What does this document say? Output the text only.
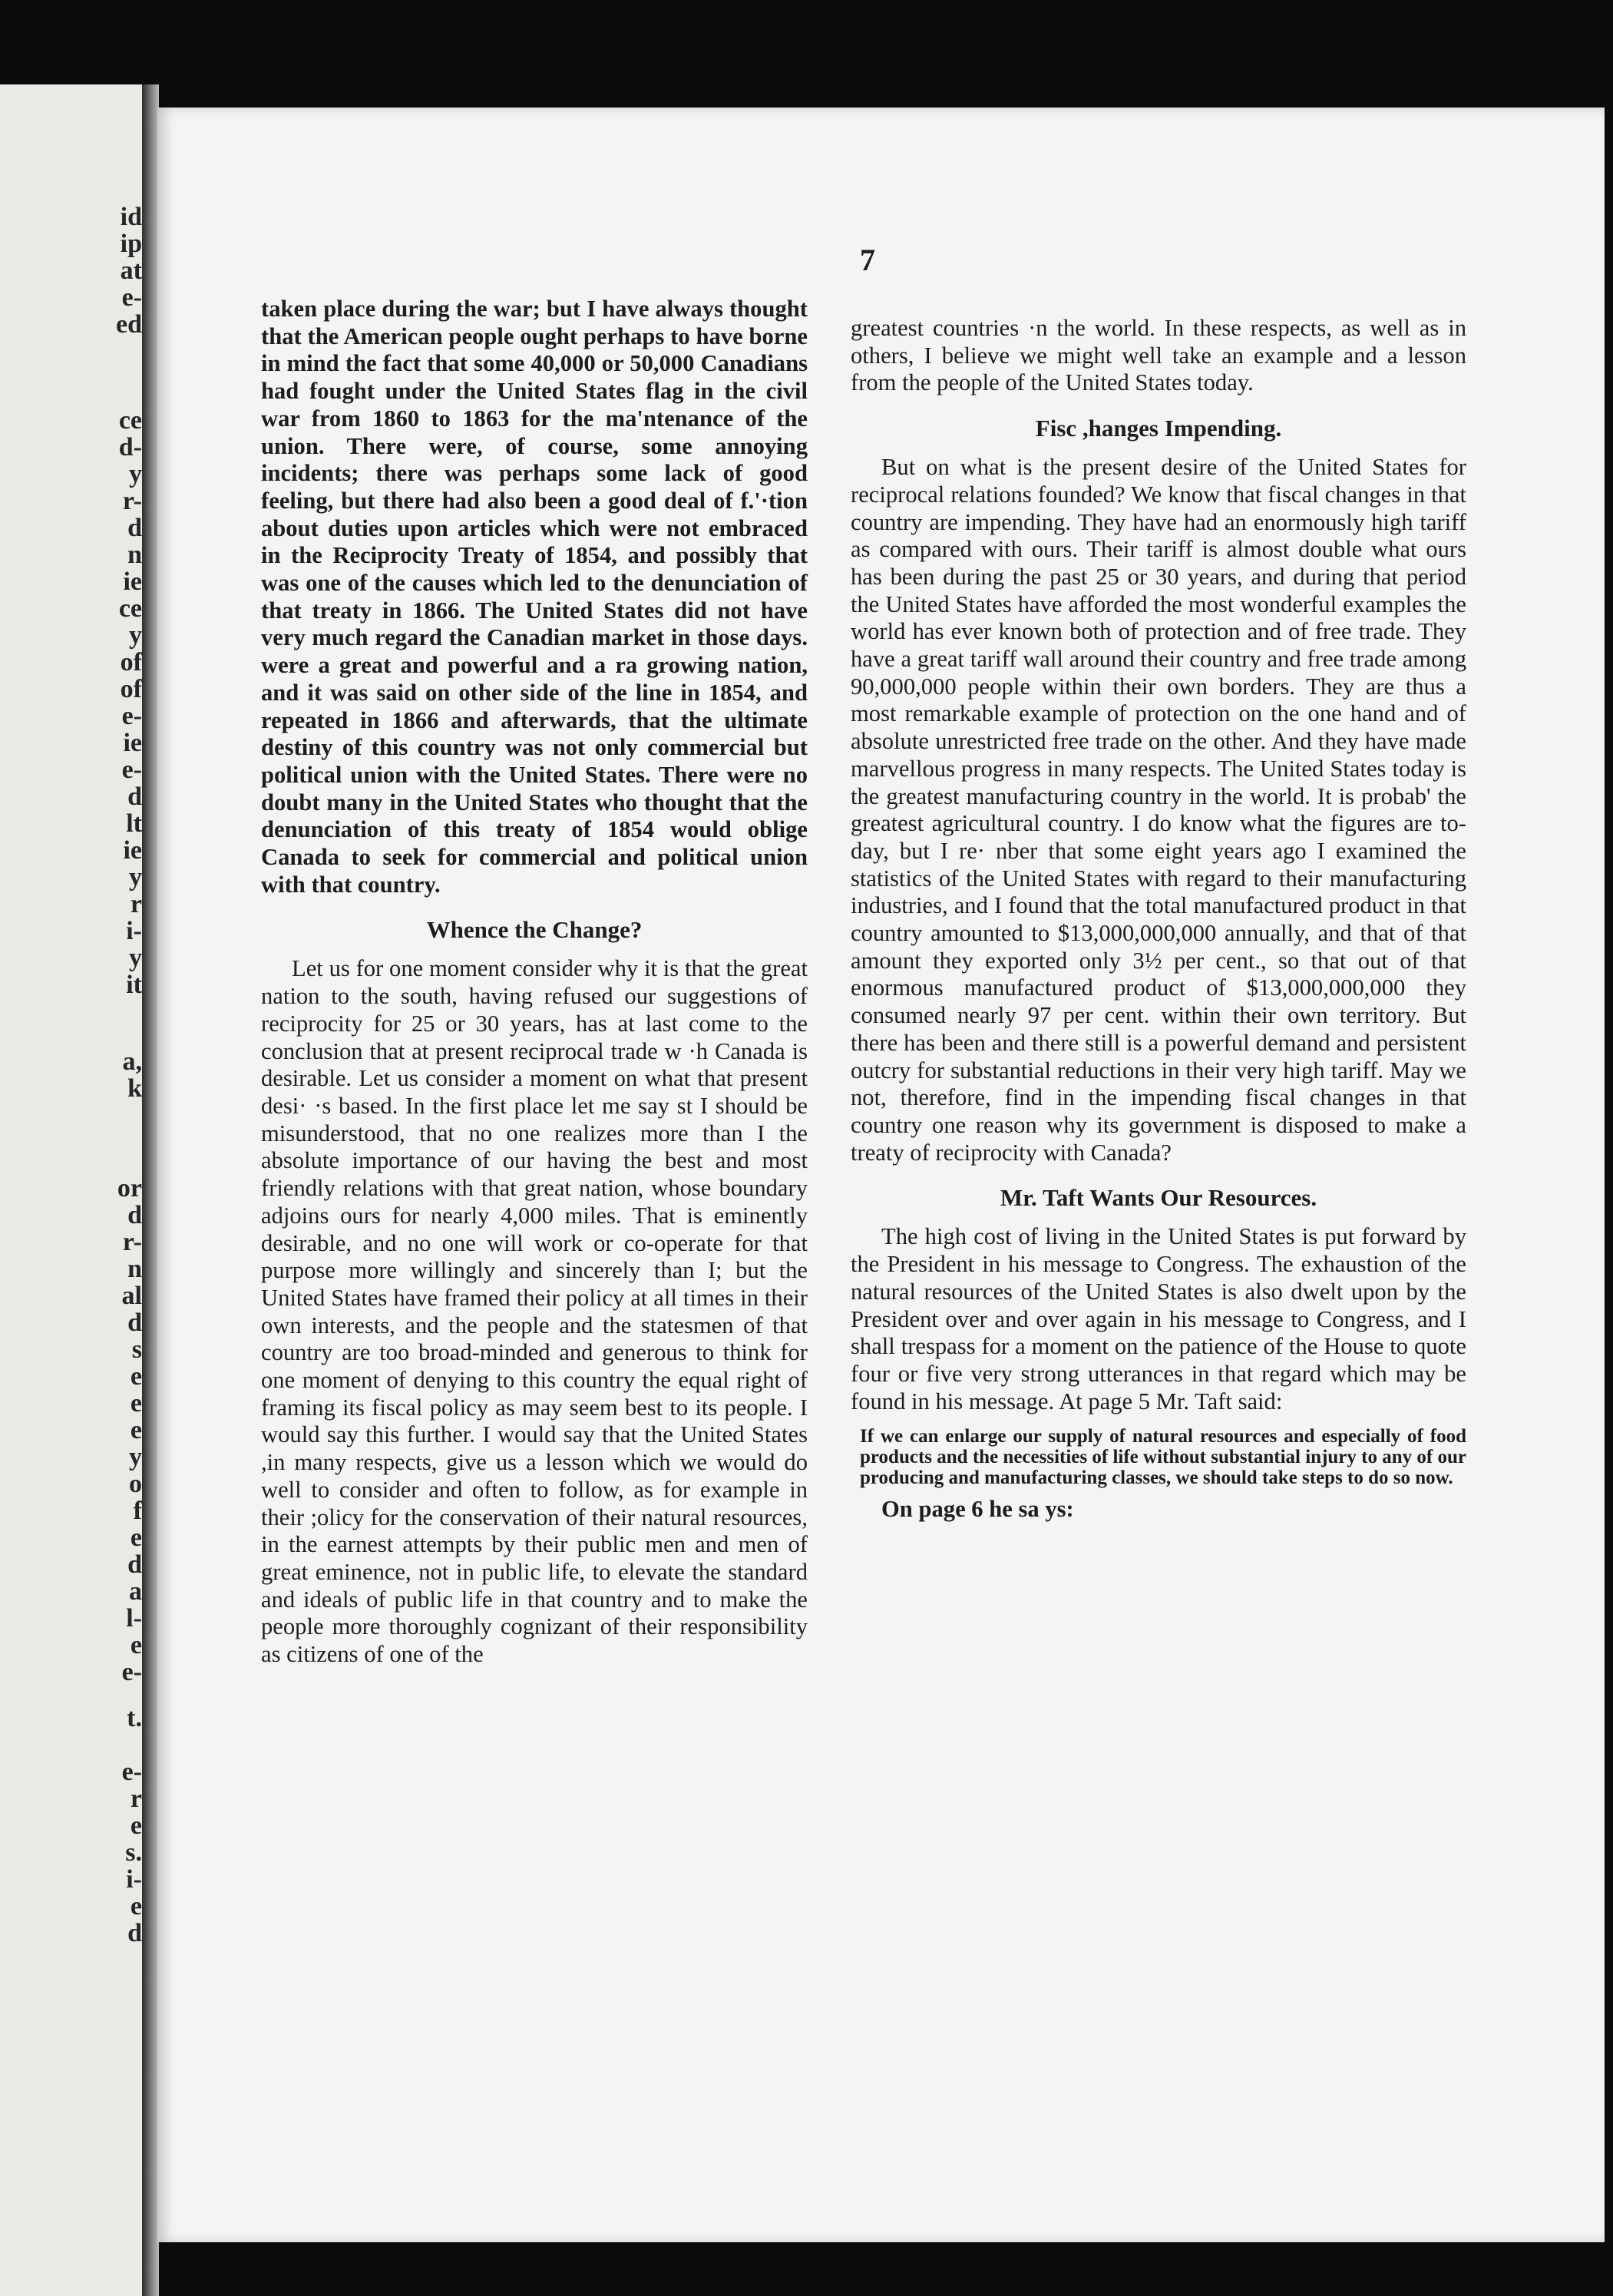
id
ip
at
e-
ed
ce
d-
y
r-
d
n
ie
ce
y
of
of
e-
ie
e-
d
lt
ie
y
r
i-
y
it
a,
k
or
d
r-
n
al
d
s
e
e
e
y
o
f
e
d
a
l-
e
e-
t.
e-
r
e
s.
i-
e
d
7

taken place during the war; but I have always thought that the American people ought perhaps to have borne in mind the fact that some 40,000 or 50,000 Canadians had fought under the United States flag in the civil war from 1860 to 1863 for the ma'ntenance of the union. There were, of course, some annoying incidents; there was perhaps some lack of good feeling, but there had also been a good deal of f.'·tion about duties upon articles which were not embraced in the Reciprocity Treaty of 1854, and possibly that was one of the causes which led to the denunciation of that treaty in 1866. The United States did not have very much regard the Canadian market in those days. were a great and powerful and a ra growing nation, and it was said on other side of the line in 1854, and repeated in 1866 and afterwards, that the ultimate destiny of this country was not only commercial but political union with the United States. There were no doubt many in the United States who thought that the denunciation of this treaty of 1854 would oblige Canada to seek for commercial and political union with that country.

Whence the Change?

Let us for one moment consider why it is that the great nation to the south, having refused our suggestions of reciprocity for 25 or 30 years, has at last come to the conclusion that at present reciprocal trade w ·h Canada is desirable. Let us consider a moment on what that present desi· ·s based. In the first place let me say st I should be misunderstood, that no one realizes more than I the absolute importance of our having the best and most friendly relations with that great nation, whose boundary adjoins ours for nearly 4,000 miles. That is eminently desirable, and no one will work or co-operate for that purpose more willingly and sincerely than I; but the United States have framed their policy at all times in their own interests, and the people and the statesmen of that country are too broad-minded and generous to think for one moment of denying to this country the equal right of framing its fiscal policy as may seem best to its people. I would say this further. I would say that the United States ,in many respects, give us a lesson which we would do well to consider and often to follow, as for example in their ;olicy for the conservation of their natural resources, in the earnest attempts by their public men and men of great eminence, not in public life, to elevate the standard and ideals of public life in that country and to make the people more thoroughly cognizant of their responsibility as citizens of one of the

greatest countries ·n the world. In these respects, as well as in others, I believe we might well take an example and a lesson from the people of the United States today.

Fisc ,hanges Impending.

But on what is the present desire of the United States for reciprocal relations founded? We know that fiscal changes in that country are impending. They have had an enormously high tariff as compared with ours. Their tariff is almost double what ours has been during the past 25 or 30 years, and during that period the United States have afforded the most wonderful examples the world has ever known both of protection and of free trade. They have a great tariff wall around their country and free trade among 90,000,000 people within their own borders. They are thus a most remarkable example of protection on the one hand and of absolute unrestricted free trade on the other. And they have made marvellous progress in many respects. The United States today is the greatest manufacturing country in the world. It is probab' the greatest agricultural country. I do know what the figures are to-day, but I re· nber that some eight years ago I examined the statistics of the United States with regard to their manufacturing industries, and I found that the total manufactured product in that country amounted to $13,000,000,000 annually, and that of that amount they exported only 3½ per cent., so that out of that enormous manufactured product of $13,000,000,000 they consumed nearly 97 per cent. within their own territory. But there has been and there still is a powerful demand and persistent outcry for substantial reductions in their very high tariff. May we not, therefore, find in the impending fiscal changes in that country one reason why its government is disposed to make a treaty of reciprocity with Canada?

Mr. Taft Wants Our Resources.

The high cost of living in the United States is put forward by the President in his message to Congress. The exhaustion of the natural resources of the United States is also dwelt upon by the President over and over again in his message to Congress, and I shall trespass for a moment on the patience of the House to quote four or five very strong utterances in that regard which may be found in his message. At page 5 Mr. Taft said:

If we can enlarge our supply of natural resources and especially of food products and the necessities of life without substantial injury to any of our producing and manufacturing classes, we should take steps to do so now.

On page 6 he sa ys:
